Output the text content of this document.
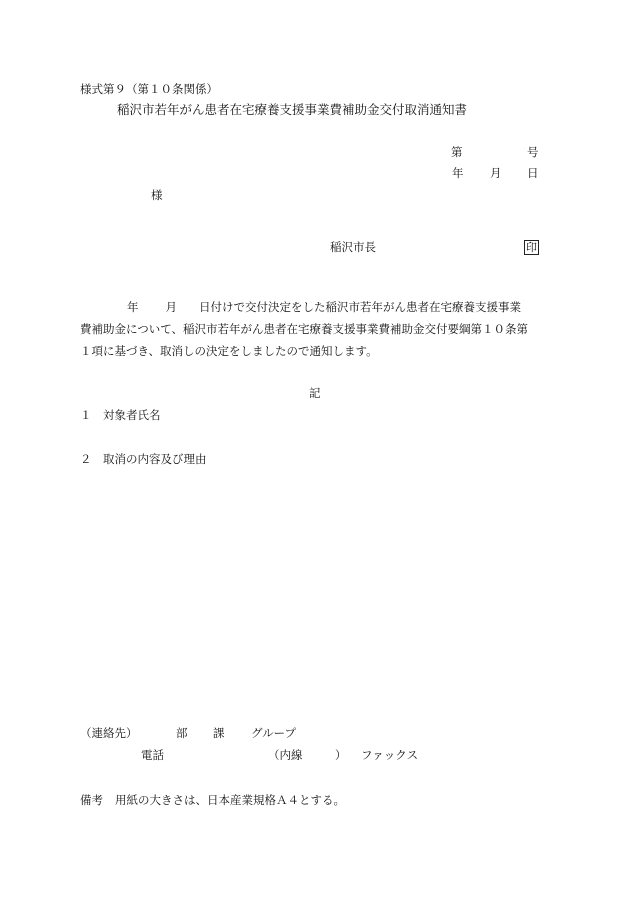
様式第９（第１０条関係）
稲沢市若年がん患者在宅療養支援事業費補助金交付取消通知書
第	号
年 月 日
様
稲沢市長	印
年 月 日付けで交付決定をした稲沢市若年がん患者在宅療養支援事業
費補助金について、稲沢市若年がん患者在宅療養支援事業費補助金交付要綱第１０条第
１項に基づき、取消しの決定をしましたので通知します。
記
１ 対象者氏名
２ 取消の内容及び理由
（連絡先）	部 課 グループ
電話	（内線	） ファックス
備考 用紙の大きさは、日本産業規格Ａ４とする。
